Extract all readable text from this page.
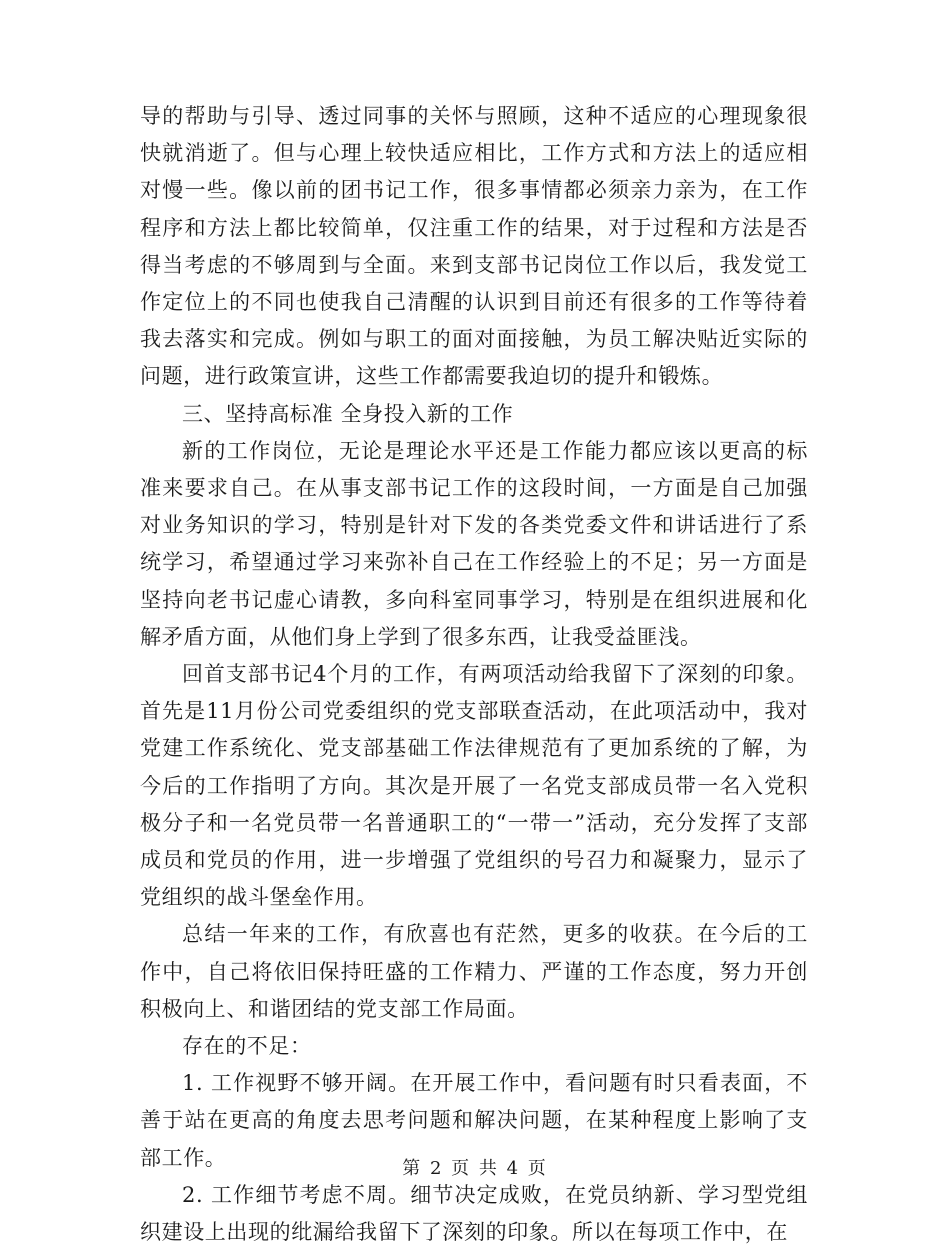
导的帮助与引导、透过同事的关怀与照顾，这种不适应的心理现象很快就消逝了。但与心理上较快适应相比，工作方式和方法上的适应相对慢一些。像以前的团书记工作，很多事情都必须亲力亲为，在工作程序和方法上都比较简单，仅注重工作的结果，对于过程和方法是否得当考虑的不够周到与全面。来到支部书记岗位工作以后，我发觉工作定位上的不同也使我自己清醒的认识到目前还有很多的工作等待着我去落实和完成。例如与职工的面对面接触，为员工解决贴近实际的问题，进行政策宣讲，这些工作都需要我迫切的提升和锻炼。

三、坚持高标准 全身投入新的工作

新的工作岗位，无论是理论水平还是工作能力都应该以更高的标准来要求自己。在从事支部书记工作的这段时间，一方面是自己加强对业务知识的学习，特别是针对下发的各类党委文件和讲话进行了系统学习，希望通过学习来弥补自己在工作经验上的不足；另一方面是坚持向老书记虚心请教，多向科室同事学习，特别是在组织进展和化解矛盾方面，从他们身上学到了很多东西，让我受益匪浅。

回首支部书记4个月的工作，有两项活动给我留下了深刻的印象。首先是11月份公司党委组织的党支部联查活动，在此项活动中，我对党建工作系统化、党支部基础工作法律规范有了更加系统的了解，为今后的工作指明了方向。其次是开展了一名党支部成员带一名入党积极分子和一名党员带一名普通职工的“一带一”活动，充分发挥了支部成员和党员的作用，进一步增强了党组织的号召力和凝聚力，显示了党组织的战斗堡垒作用。

总结一年来的工作，有欣喜也有茫然，更多的收获。在今后的工作中，自己将依旧保持旺盛的工作精力、严谨的工作态度，努力开创积极向上、和谐团结的党支部工作局面。

存在的不足：

1. 工作视野不够开阔。在开展工作中，看问题有时只看表面，不善于站在更高的角度去思考问题和解决问题，在某种程度上影响了支部工作。

2. 工作细节考虑不周。细节决定成败，在党员纳新、学习型党组织建设上出现的纰漏给我留下了深刻的印象。所以在每项工作中，在

第 2 页 共 4 页
